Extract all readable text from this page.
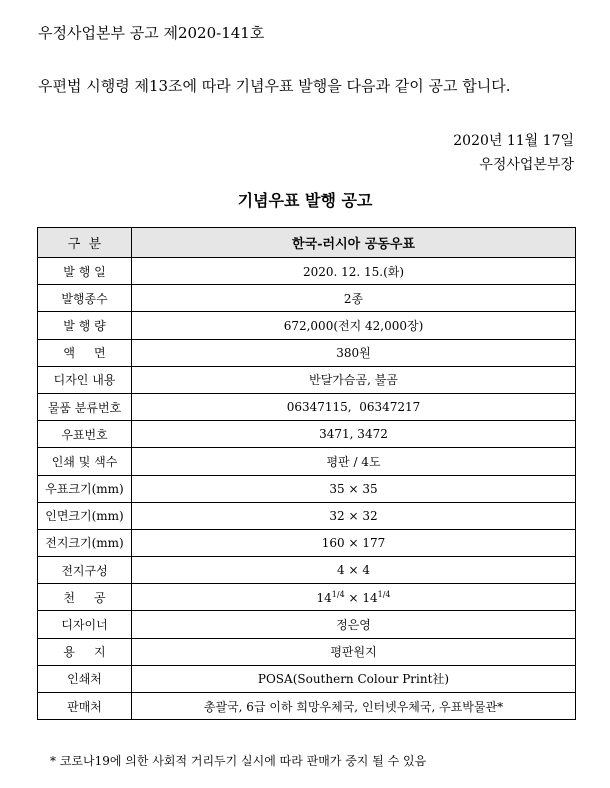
우정사업본부 공고 제2020-141호
우편법 시행령 제13조에 따라 기념우표 발행을 다음과 같이 공고 합니다.
2020년 11월 17일
우정사업본부장
기념우표 발행 공고
구  분	한국-러시아 공동우표
발 행 일	2020. 12. 15.(화)
발행종수	2종
발 행 량	672,000(전지 42,000장)
액     면	380원
디자인 내용	반달가슴곰, 불곰
물품 분류번호	06347115,  06347217
우표번호	3471, 3472
인쇄 및 색수	평판 / 4도
우표크기(mm)	35 × 35
인면크기(mm)	32 × 32
전지크기(mm)	160 × 177
전지구성	4 × 4
천     공	$14^{1/4} \times 14^{1/4}$
디자이너	정은영
용     지	평판원지
인쇄처	POSA(Southern Colour Print社)
판매처	총괄국, 6급 이하 희망우체국, 인터넷우체국, 우표박물관*
* 코로나19에 의한 사회적 거리두기 실시에 따라 판매가 중지 될 수 있음
